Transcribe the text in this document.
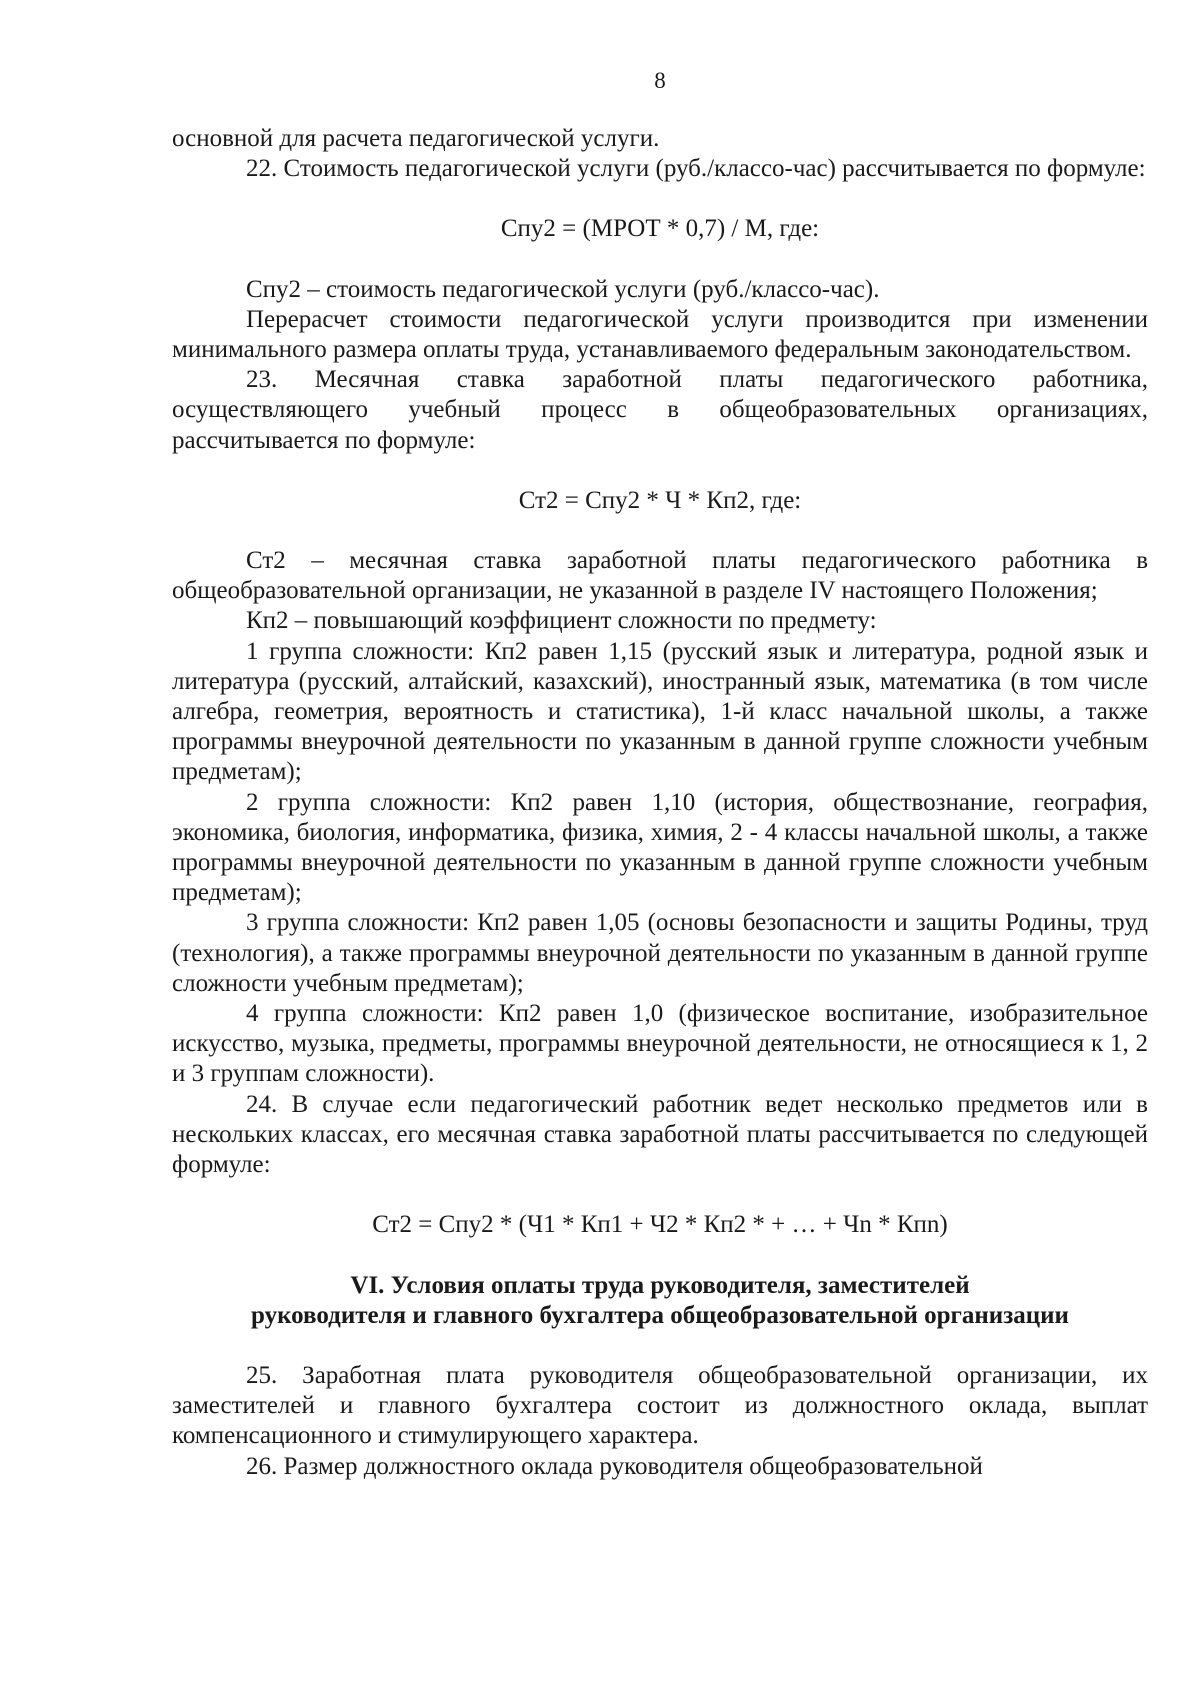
8

основной для расчета педагогической услуги.

22. Стоимость педагогической услуги (руб./классо-час) рассчитывается по формуле:

Спу2 = (МРОТ * 0,7) / М, где:

Спу2 – стоимость педагогической услуги (руб./классо-час).

Перерасчет стоимости педагогической услуги производится при изменении минимального размера оплаты труда, устанавливаемого федеральным законодательством.

23. Месячная ставка заработной платы педагогического работника, осуществляющего учебный процесс в общеобразовательных организациях, рассчитывается по формуле:

Ст2 = Спу2 * Ч * Кп2, где:

Ст2 – месячная ставка заработной платы педагогического работника в общеобразовательной организации, не указанной в разделе IV настоящего Положения;

Кп2 – повышающий коэффициент сложности по предмету:

1 группа сложности: Кп2 равен 1,15 (русский язык и литература, родной язык и литература (русский, алтайский, казахский), иностранный язык, математика (в том числе алгебра, геометрия, вероятность и статистика), 1-й класс начальной школы, а также программы внеурочной деятельности по указанным в данной группе сложности учебным предметам);

2 группа сложности: Кп2 равен 1,10 (история, обществознание, география, экономика, биология, информатика, физика, химия, 2 - 4 классы начальной школы, а также программы внеурочной деятельности по указанным в данной группе сложности учебным предметам);

3 группа сложности: Кп2 равен 1,05 (основы безопасности и защиты Родины, труд (технология), а также программы внеурочной деятельности по указанным в данной группе сложности учебным предметам);

4 группа сложности: Кп2 равен 1,0 (физическое воспитание, изобразительное искусство, музыка, предметы, программы внеурочной деятельности, не относящиеся к 1, 2 и 3 группам сложности).

24. В случае если педагогический работник ведет несколько предметов или в нескольких классах, его месячная ставка заработной платы рассчитывается по следующей формуле:

Ст2 = Спу2 * (Ч1 * Кп1 + Ч2 * Кп2 * + … + Чn * Кпn)

VI. Условия оплаты труда руководителя, заместителей
руководителя и главного бухгалтера общеобразовательной организации

25. Заработная плата руководителя общеобразовательной организации, их заместителей и главного бухгалтера состоит из должностного оклада, выплат компенсационного и стимулирующего характера.

26. Размер должностного оклада руководителя общеобразовательной
